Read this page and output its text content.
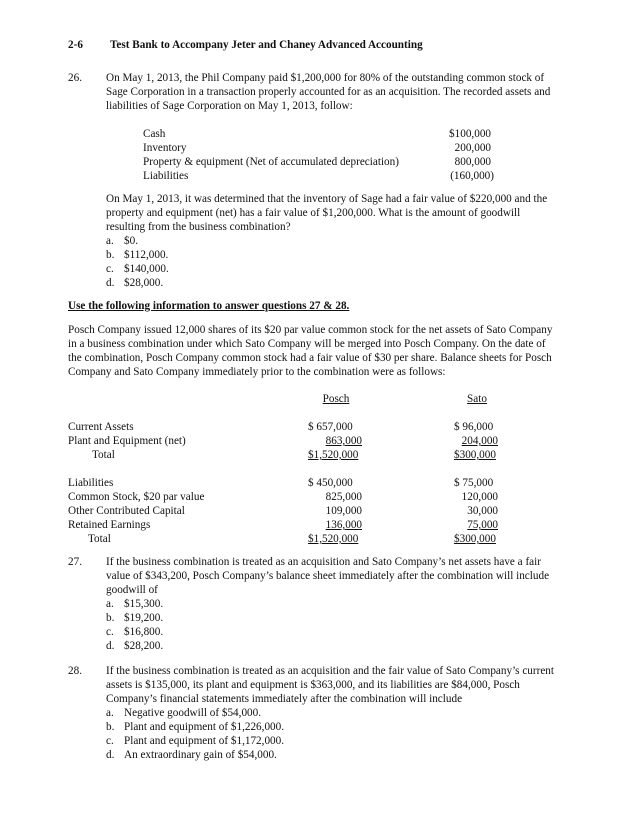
2-6 Test Bank to Accompany Jeter and Chaney Advanced Accounting
26. On May 1, 2013, the Phil Company paid $1,200,000 for 80% of the outstanding common stock of
Sage Corporation in a transaction properly accounted for as an acquisition. The recorded assets and
liabilities of Sage Corporation on May 1, 2013, follow:
Cash	$100,000
Inventory	200,000
Property & equipment (Net of accumulated depreciation)	800,000
Liabilities	(160,000)
On May 1, 2013, it was determined that the inventory of Sage had a fair value of $220,000 and the
property and equipment (net) has a fair value of $1,200,000. What is the amount of goodwill
resulting from the business combination?
a. $0.
b. $112,000.
c. $140,000.
d. $28,000.
Use the following information to answer questions 27 & 28.
Posch Company issued 12,000 shares of its $20 par value common stock for the net assets of Sato Company
in a business combination under which Sato Company will be merged into Posch Company. On the date of
the combination, Posch Company common stock had a fair value of $30 per share. Balance sheets for Posch
Company and Sato Company immediately prior to the combination were as follows:
Posch	Sato
Current Assets	$ 657,000	$ 96,000
Plant and Equipment (net)	863,000	204,000
Total	$1,520,000	$300,000
Liabilities	$ 450,000	$ 75,000
Common Stock, $20 par value	825,000	120,000
Other Contributed Capital	109,000	30,000
Retained Earnings	136,000	75,000
Total	$1,520,000	$300,000
27. If the business combination is treated as an acquisition and Sato Company’s net assets have a fair
value of $343,200, Posch Company’s balance sheet immediately after the combination will include
goodwill of
a. $15,300.
b. $19,200.
c. $16,800.
d. $28,200.
28. If the business combination is treated as an acquisition and the fair value of Sato Company’s current
assets is $135,000, its plant and equipment is $363,000, and its liabilities are $84,000, Posch
Company’s financial statements immediately after the combination will include
a. Negative goodwill of $54,000.
b. Plant and equipment of $1,226,000.
c. Plant and equipment of $1,172,000.
d. An extraordinary gain of $54,000.
